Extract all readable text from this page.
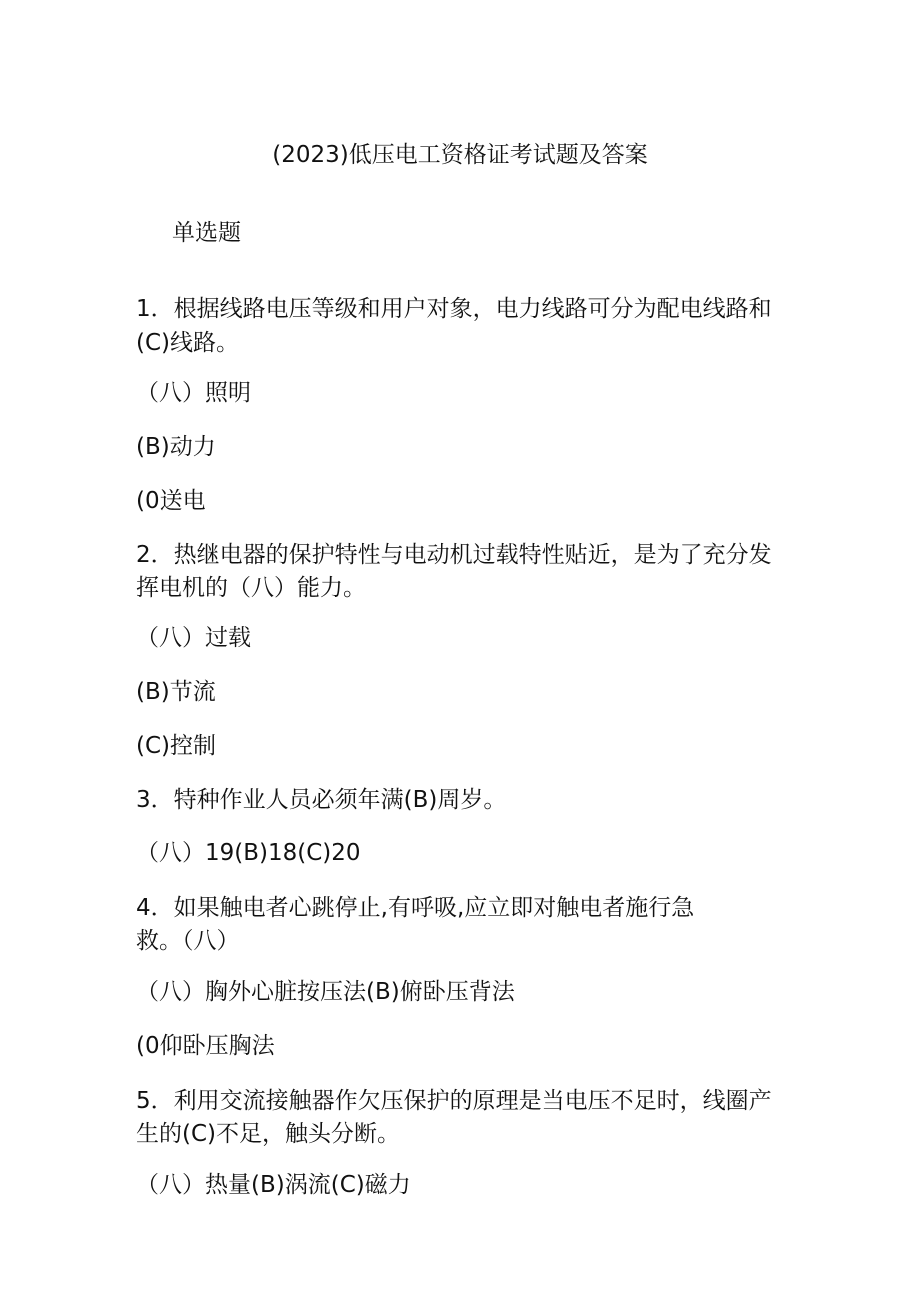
(2023)低压电工资格证考试题及答案
单选题
1．根据线路电压等级和用户对象，电力线路可分为配电线路和
(C)线路。
（八）照明
(B)动力
(0送电
2．热继电器的保护特性与电动机过载特性贴近，是为了充分发
挥电机的（八）能力。
（八）过载
(B)节流
(C)控制
3．特种作业人员必须年满(B)周岁。
（八）19(B)18(C)20
4．如果触电者心跳停止,有呼吸,应立即对触电者施行急
救。（八）
（八）胸外心脏按压法(B)俯卧压背法
(0仰卧压胸法
5．利用交流接触器作欠压保护的原理是当电压不足时，线圈产
生的(C)不足，触头分断。
（八）热量(B)涡流(C)磁力
